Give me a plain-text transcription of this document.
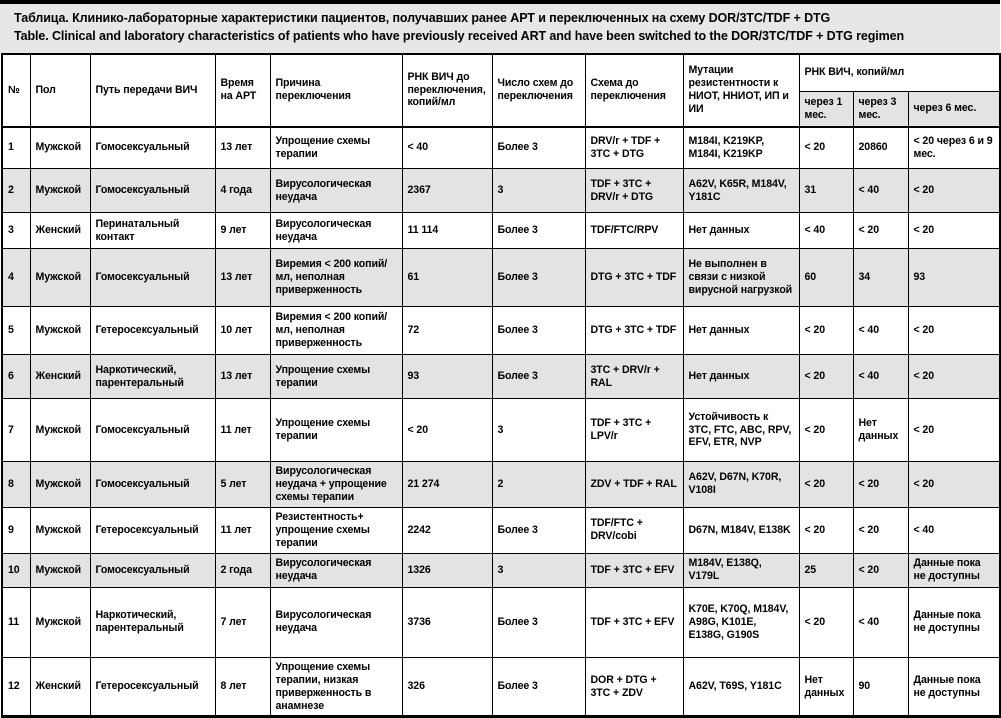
Таблица. Клинико-лабораторные характеристики пациентов, получавших ранее АРТ и переключенных на схему DOR/3TC/TDF + DTG
Table. Clinical and laboratory characteristics of patients who have previously received ART and have been switched to the DOR/3TC/TDF + DTG regimen
№	Пол	Путь передачи ВИЧ	Время на АРТ	Причина переключения	РНК ВИЧ до переключения, копий/мл	Число схем до переключения	Схема до переключения	Мутации резистентности к НИОТ, ННИОТ, ИП и ИИ	РНК ВИЧ, копий/мл		
									через 1 мес.	через 3 мес.	через 6 мес.
1	Мужской	Гомосексуальный	13 лет	Упрощение схемы терапии	< 40	Более 3	DRV/r + TDF + 3TC + DTG	M184I, K219KP, M184I, K219KP	< 20	20860	< 20 через 6 и 9 мес.
2	Мужской	Гомосексуальный	4 года	Вирусологическая неудача	2367	3	TDF + 3TC + DRV/r + DTG	A62V, K65R, M184V, Y181C	31	< 40	< 20
3	Женский	Перинатальный контакт	9 лет	Вирусологическая неудача	11 114	Более 3	TDF/FTC/RPV	Нет данных	< 40	< 20	< 20
4	Мужской	Гомосексуальный	13 лет	Виремия < 200 копий/мл, неполная приверженность	61	Более 3	DTG + 3TC + TDF	Не выполнен в связи с низкой вирусной нагрузкой	60	34	93
5	Мужской	Гетеросексуальный	10 лет	Виремия < 200 копий/мл, неполная приверженность	72	Более 3	DTG + 3TC + TDF	Нет данных	< 20	< 40	< 20
6	Женский	Наркотический, парентеральный	13 лет	Упрощение схемы терапии	93	Более 3	3TC + DRV/r + RAL	Нет данных	< 20	< 40	< 20
7	Мужской	Гомосексуальный	11 лет	Упрощение схемы терапии	< 20	3	TDF + 3TC + LPV/r	Устойчивость к 3TC, FTC, ABC, RPV, EFV, ETR, NVP	< 20	Нет данных	< 20
8	Мужской	Гомосексуальный	5 лет	Вирусологическая неудача + упрощение схемы терапии	21 274	2	ZDV + TDF + RAL	A62V, D67N, K70R, V108I	< 20	< 20	< 20
9	Мужской	Гетеросексуальный	11 лет	Резистентность+ упрощение схемы терапии	2242	Более 3	TDF/FTC + DRV/cobi	D67N, M184V, E138K	< 20	< 20	< 40
10	Мужской	Гомосексуальный	2 года	Вирусологическая неудача	1326	3	TDF + 3TC + EFV	M184V, E138Q, V179L	25	< 20	Данные пока не доступны
11	Мужской	Наркотический, парентеральный	7 лет	Вирусологическая неудача	3736	Более 3	TDF + 3TC + EFV	K70E, K70Q, M184V, A98G, K101E, E138G, G190S	< 20	< 40	Данные пока не доступны
12	Женский	Гетеросексуальный	8 лет	Упрощение схемы терапии, низкая приверженность в анамнезе	326	Более 3	DOR + DTG + 3TC + ZDV	A62V, T69S, Y181C	Нет данных	90	Данные пока не доступны
